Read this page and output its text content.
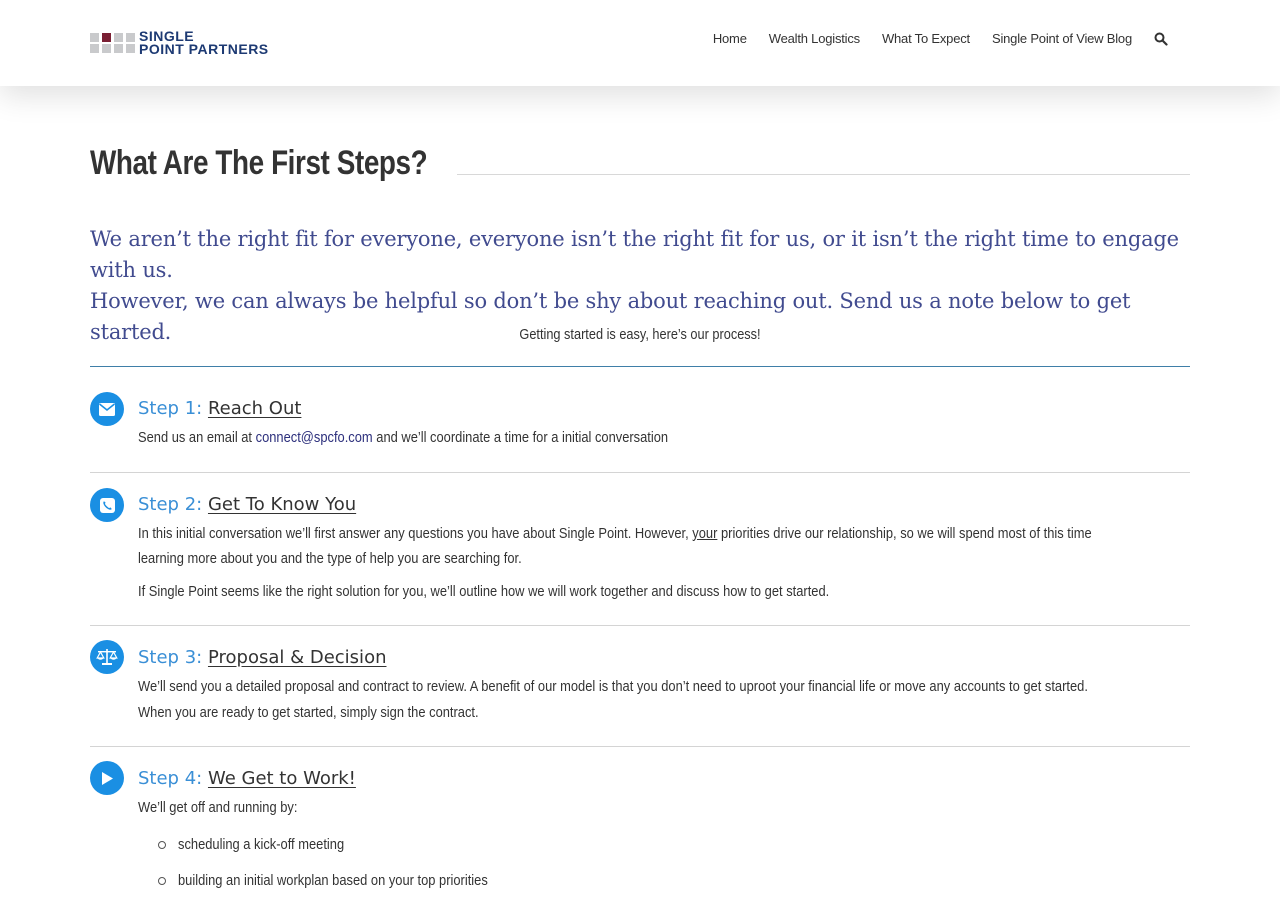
SINGLE
POINT PARTNERS
Home Wealth Logistics What To Expect Single Point of View Blog
What Are The First Steps?
We aren’t the right fit for everyone, everyone isn’t the right fit for us, or it isn’t the right time to engage with us.
However, we can always be helpful so don’t be shy about reaching out. Send us a note below to get started.	Getting started is easy, here’s our process!
Step 1: Reach Out
Send us an email at connect@spcfo.com and we’ll coordinate a time for a initial conversation
Step 2: Get To Know You
In this initial conversation we’ll first answer any questions you have about Single Point. However, your priorities drive our relationship, so we will spend most of this time
learning more about you and the type of help you are searching for.
If Single Point seems like the right solution for you, we’ll outline how we will work together and discuss how to get started.
Step 3: Proposal & Decision
We’ll send you a detailed proposal and contract to review. A benefit of our model is that you don’t need to uproot your financial life or move any accounts to get started.
When you are ready to get started, simply sign the contract.
Step 4: We Get to Work!
We’ll get off and running by:
scheduling a kick-off meeting
building an initial workplan based on your top priorities
